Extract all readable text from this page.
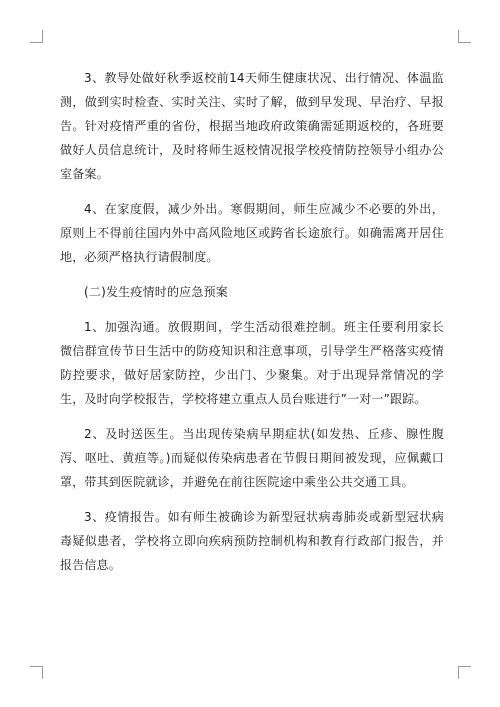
3、教导处做好秋季返校前14天师生健康状况、出行情况、体温监测，做到实时检查、实时关注、实时了解，做到早发现、早治疗、早报告。针对疫情严重的省份，根据当地政府政策确需延期返校的，各班要做好人员信息统计，及时将师生返校情况报学校疫情防控领导小组办公室备案。

4、在家度假，减少外出。寒假期间，师生应减少不必要的外出，原则上不得前往国内外中高风险地区或跨省长途旅行。如确需离开居住地，必须严格执行请假制度。

(二)发生疫情时的应急预案

1、加强沟通。放假期间，学生活动很难控制。班主任要利用家长微信群宣传节日生活中的防疫知识和注意事项，引导学生严格落实疫情防控要求，做好居家防控，少出门、少聚集。对于出现异常情况的学生，及时向学校报告，学校将建立重点人员台账进行”一对一”跟踪。

2、及时送医生。当出现传染病早期症状(如发热、丘疹、腺性腹泻、呕吐、黄疸等。)而疑似传染病患者在节假日期间被发现，应佩戴口罩，带其到医院就诊，并避免在前往医院途中乘坐公共交通工具。

3、疫情报告。如有师生被确诊为新型冠状病毒肺炎或新型冠状病毒疑似患者，学校将立即向疾病预防控制机构和教育行政部门报告，并报告信息。
